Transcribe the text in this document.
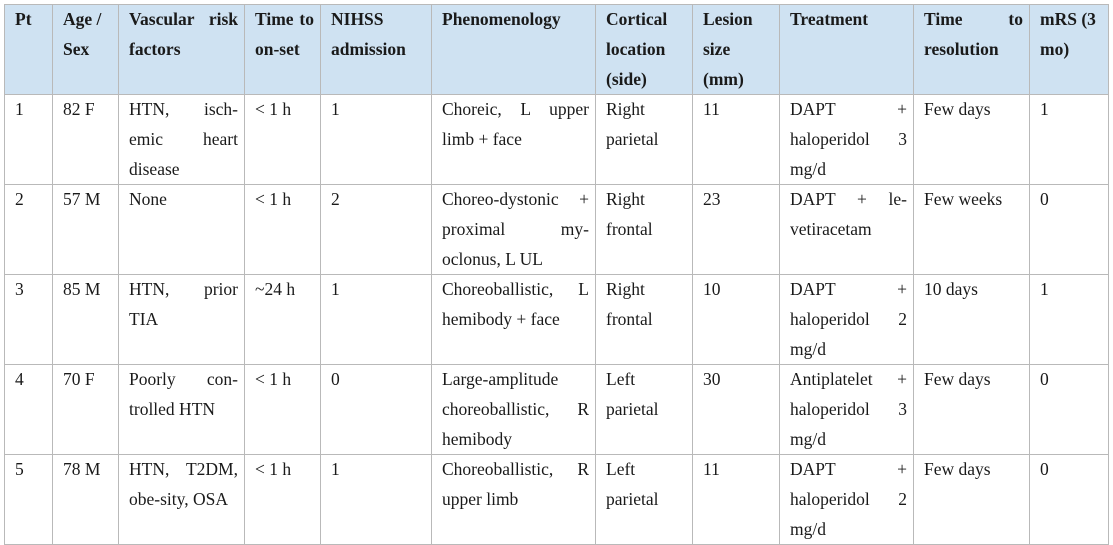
Pt	Age / Sex	Vascular risk factors	Time to on-set	NIHSS admission	Phenomenology	Cortical location (side)	Lesion size (mm)	Treatment	Time to resolution	mRS (3 mo)

1	82 F	HTN, isch-emic heart disease	< 1 h	1	Choreic, L upper limb + face	Right parietal	11	DAPT + haloperidol 3 mg/d	Few days	1

2	57 M	None	< 1 h	2	Choreo-dystonic + proximal my-oclonus, L UL	Right frontal	23	DAPT + le-vetiracetam	Few weeks	0

3	85 M	HTN, prior TIA	~24 h	1	Choreoballistic, L hemibody + face	Right frontal	10	DAPT + haloperidol 2 mg/d	10 days	1

4	70 F	Poorly con-trolled HTN	< 1 h	0	Large-amplitude choreoballistic, R hemibody	Left parietal	30	Antiplatelet + haloperidol 3 mg/d	Few days	0

5	78 M	HTN, T2DM, obe-sity, OSA	< 1 h	1	Choreoballistic, R upper limb	Left parietal	11	DAPT + haloperidol 2 mg/d	Few days	0
